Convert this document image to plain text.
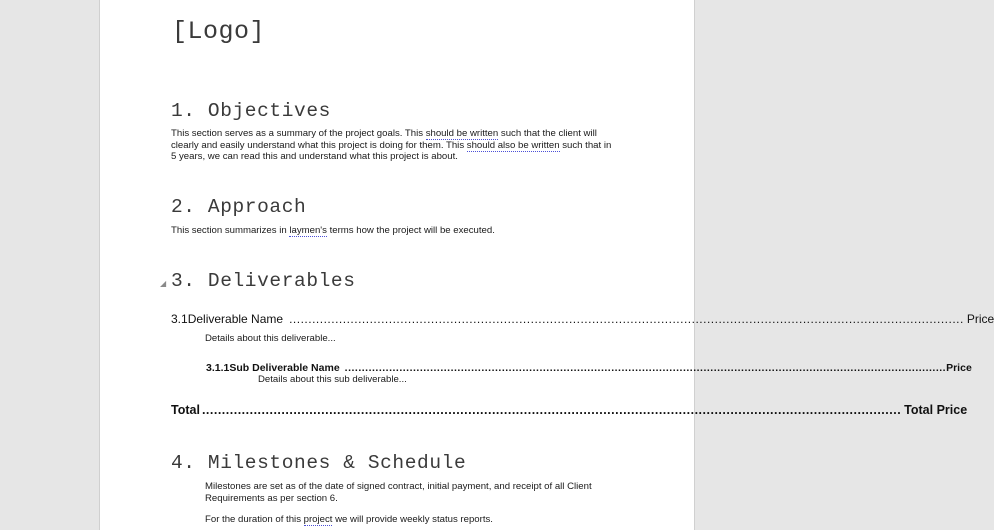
[Logo]
1. Objectives
This section serves as a summary of the project goals. This should be written such that the client will
clearly and easily understand what this project is doing for them. This should also be written such that in
5 years, we can read this and understand what this project is about.
2. Approach
This section summarizes in laymen's terms how the project will be executed.
◢ 3. Deliverables
3.1 Deliverable Name ................................................................................................................................................................................ Price
Details about this deliverable...
3.1.1 Sub Deliverable Name ................................................................................................................................................................................ Price
Details about this sub deliverable...
Total ................................................................................................................................................................................ Total Price
4. Milestones & Schedule
Milestones are set as of the date of signed contract, initial payment, and receipt of all Client
Requirements as per section 6.
For the duration of this project we will provide weekly status reports.
